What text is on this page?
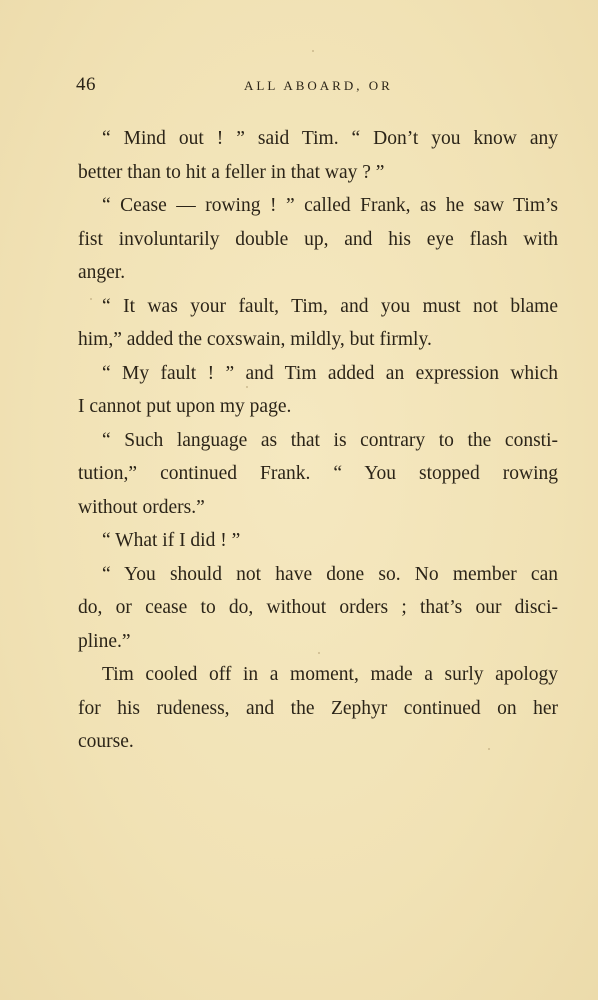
46	ALL ABOARD, OR
“ Mind out ! ” said Tim. “ Don’t you know any
better than to hit a feller in that way ? ”
“ Cease — rowing ! ” called Frank, as he saw Tim’s
fist involuntarily double up, and his eye flash with
anger.
“ It was your fault, Tim, and you must not blame
him,” added the coxswain, mildly, but firmly.
“ My fault ! ” and Tim added an expression which
I cannot put upon my page.
“ Such language as that is contrary to the consti-
tution,” continued Frank. “ You stopped rowing
without orders.”
“ What if I did ! ”
“ You should not have done so. No member can
do, or cease to do, without orders ; that’s our disci-
pline.”
Tim cooled off in a moment, made a surly apology
for his rudeness, and the Zephyr continued on her
course.
